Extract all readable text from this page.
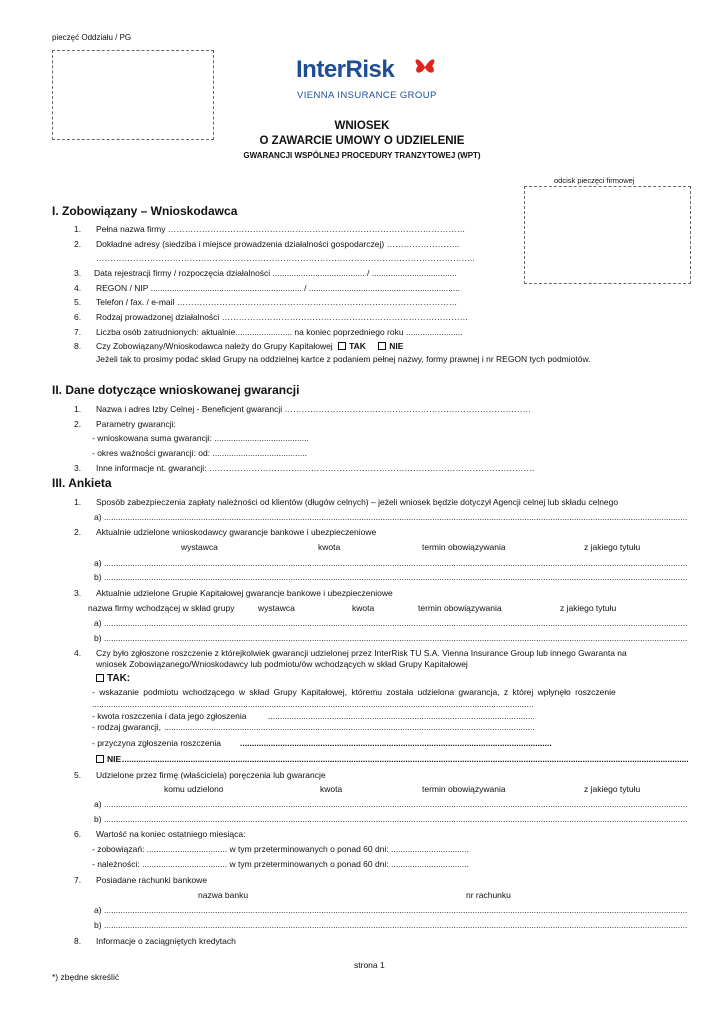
pieczęć Oddziału / PG
InterRisk
VIENNA INSURANCE GROUP
WNIOSEK
O ZAWARCIE UMOWY O UDZIELENIE
GWARANCJI WSPÓLNEJ PROCEDURY TRANZYTOWEJ (WPT)
odcisk pieczęci firmowej
I. Zobowiązany – Wnioskodawca
1. Pełna nazwa firmy ……………………………………………………………………………………………
2. Dokładne adresy (siedziba i miejsce prowadzenia działalności gospodarczej) ……………………..
……………………………………………………………………………………………………………………..
3. Data rejestracji firmy / rozpoczęcia działalności ....................................... / ....................................
4. REGON / NIP ................................................................ / ................................................................
5. Telefon / fax. / e-mail ………………………………………………………………………………………
6. Rodzaj prowadzonej działalności ……………………………………………………………………………
7. Liczba osób zatrudnionych: aktualnie........................ na koniec poprzedniego roku ........................
8. Czy Zobowiązany/Wnioskodawca należy do Grupy Kapitałowej TAK	NIE
Jeżeli tak to prosimy podać skład Grupy na oddzielnej kartce z podaniem pełnej nazwy, formy prawnej i nr REGON tych podmiotów.
II. Dane dotyczące wnioskowanej gwarancji
1. Nazwa i adres Izby Celnej - Beneficjent gwarancji ……………………………………………………………………………
2. Parametry gwarancji:
- wnioskowana suma gwarancji: ........................................
- okres ważności gwarancji: od: ........................................
3. Inne informacje nt. gwarancji: …………………………………………………………………………………………………….
III. Ankieta
1. Sposób zabezpieczenia zapłaty należności od klientów (długów celnych) – jeżeli wniosek będzie dotyczył Agencji celnej lub składu celnego
a)
.....
2. Aktualnie udzielone wnioskodawcy gwarancje bankowe i ubezpieczeniowe
wystawca	kwota	termin obowiązywania	z jakiego tytułu
a)
.....
b)
.....
3. Aktualnie udzielone Grupie Kapitałowej gwarancje bankowe i ubezpieczeniowe
nazwa firmy wchodzącej w skład grupy	wystawca	kwota	termin obowiązywania	z jakiego tytułu
a)
.....
b)
.....
4. Czy było zgłoszone roszczenie z którejkolwiek gwarancji udzielonej przez InterRisk TU S.A. Vienna Insurance Group lub innego Gwaranta na
wniosek Zobowiązanego/Wnioskodawcy lub podmiotu/ów wchodzących w skład Grupy Kapitałowej
TAK:
- wskazanie podmiotu wchodzącego w skład Grupy Kapitałowej, któremu została udzielona gwarancja, z której wpłynęło roszczenie
.....
- kwota roszczenia i data jego zgłoszenia
.....
- rodzaj gwarancji,
.....
- przyczyna zgłoszenia roszczenia
.....
NIE
.....
5. Udzielone przez firmę (właściciela) poręczenia lub gwarancje
komu udzielono	kwota	termin obowiązywania	z jakiego tytułu
a)
.....
b)
.....
6. Wartość na koniec ostatniego miesiąca:
- zobowiązań: .................................. w tym przeterminowanych o ponad 60 dni: .................................
- należności: .................................... w tym przeterminowanych o ponad 60 dni: .................................
7. Posiadane rachunki bankowe
nazwa banku	nr rachunku
a)
.....
b)
.....
8. Informacje o zaciągniętych kredytach
strona 1
*) zbędne skreślić
